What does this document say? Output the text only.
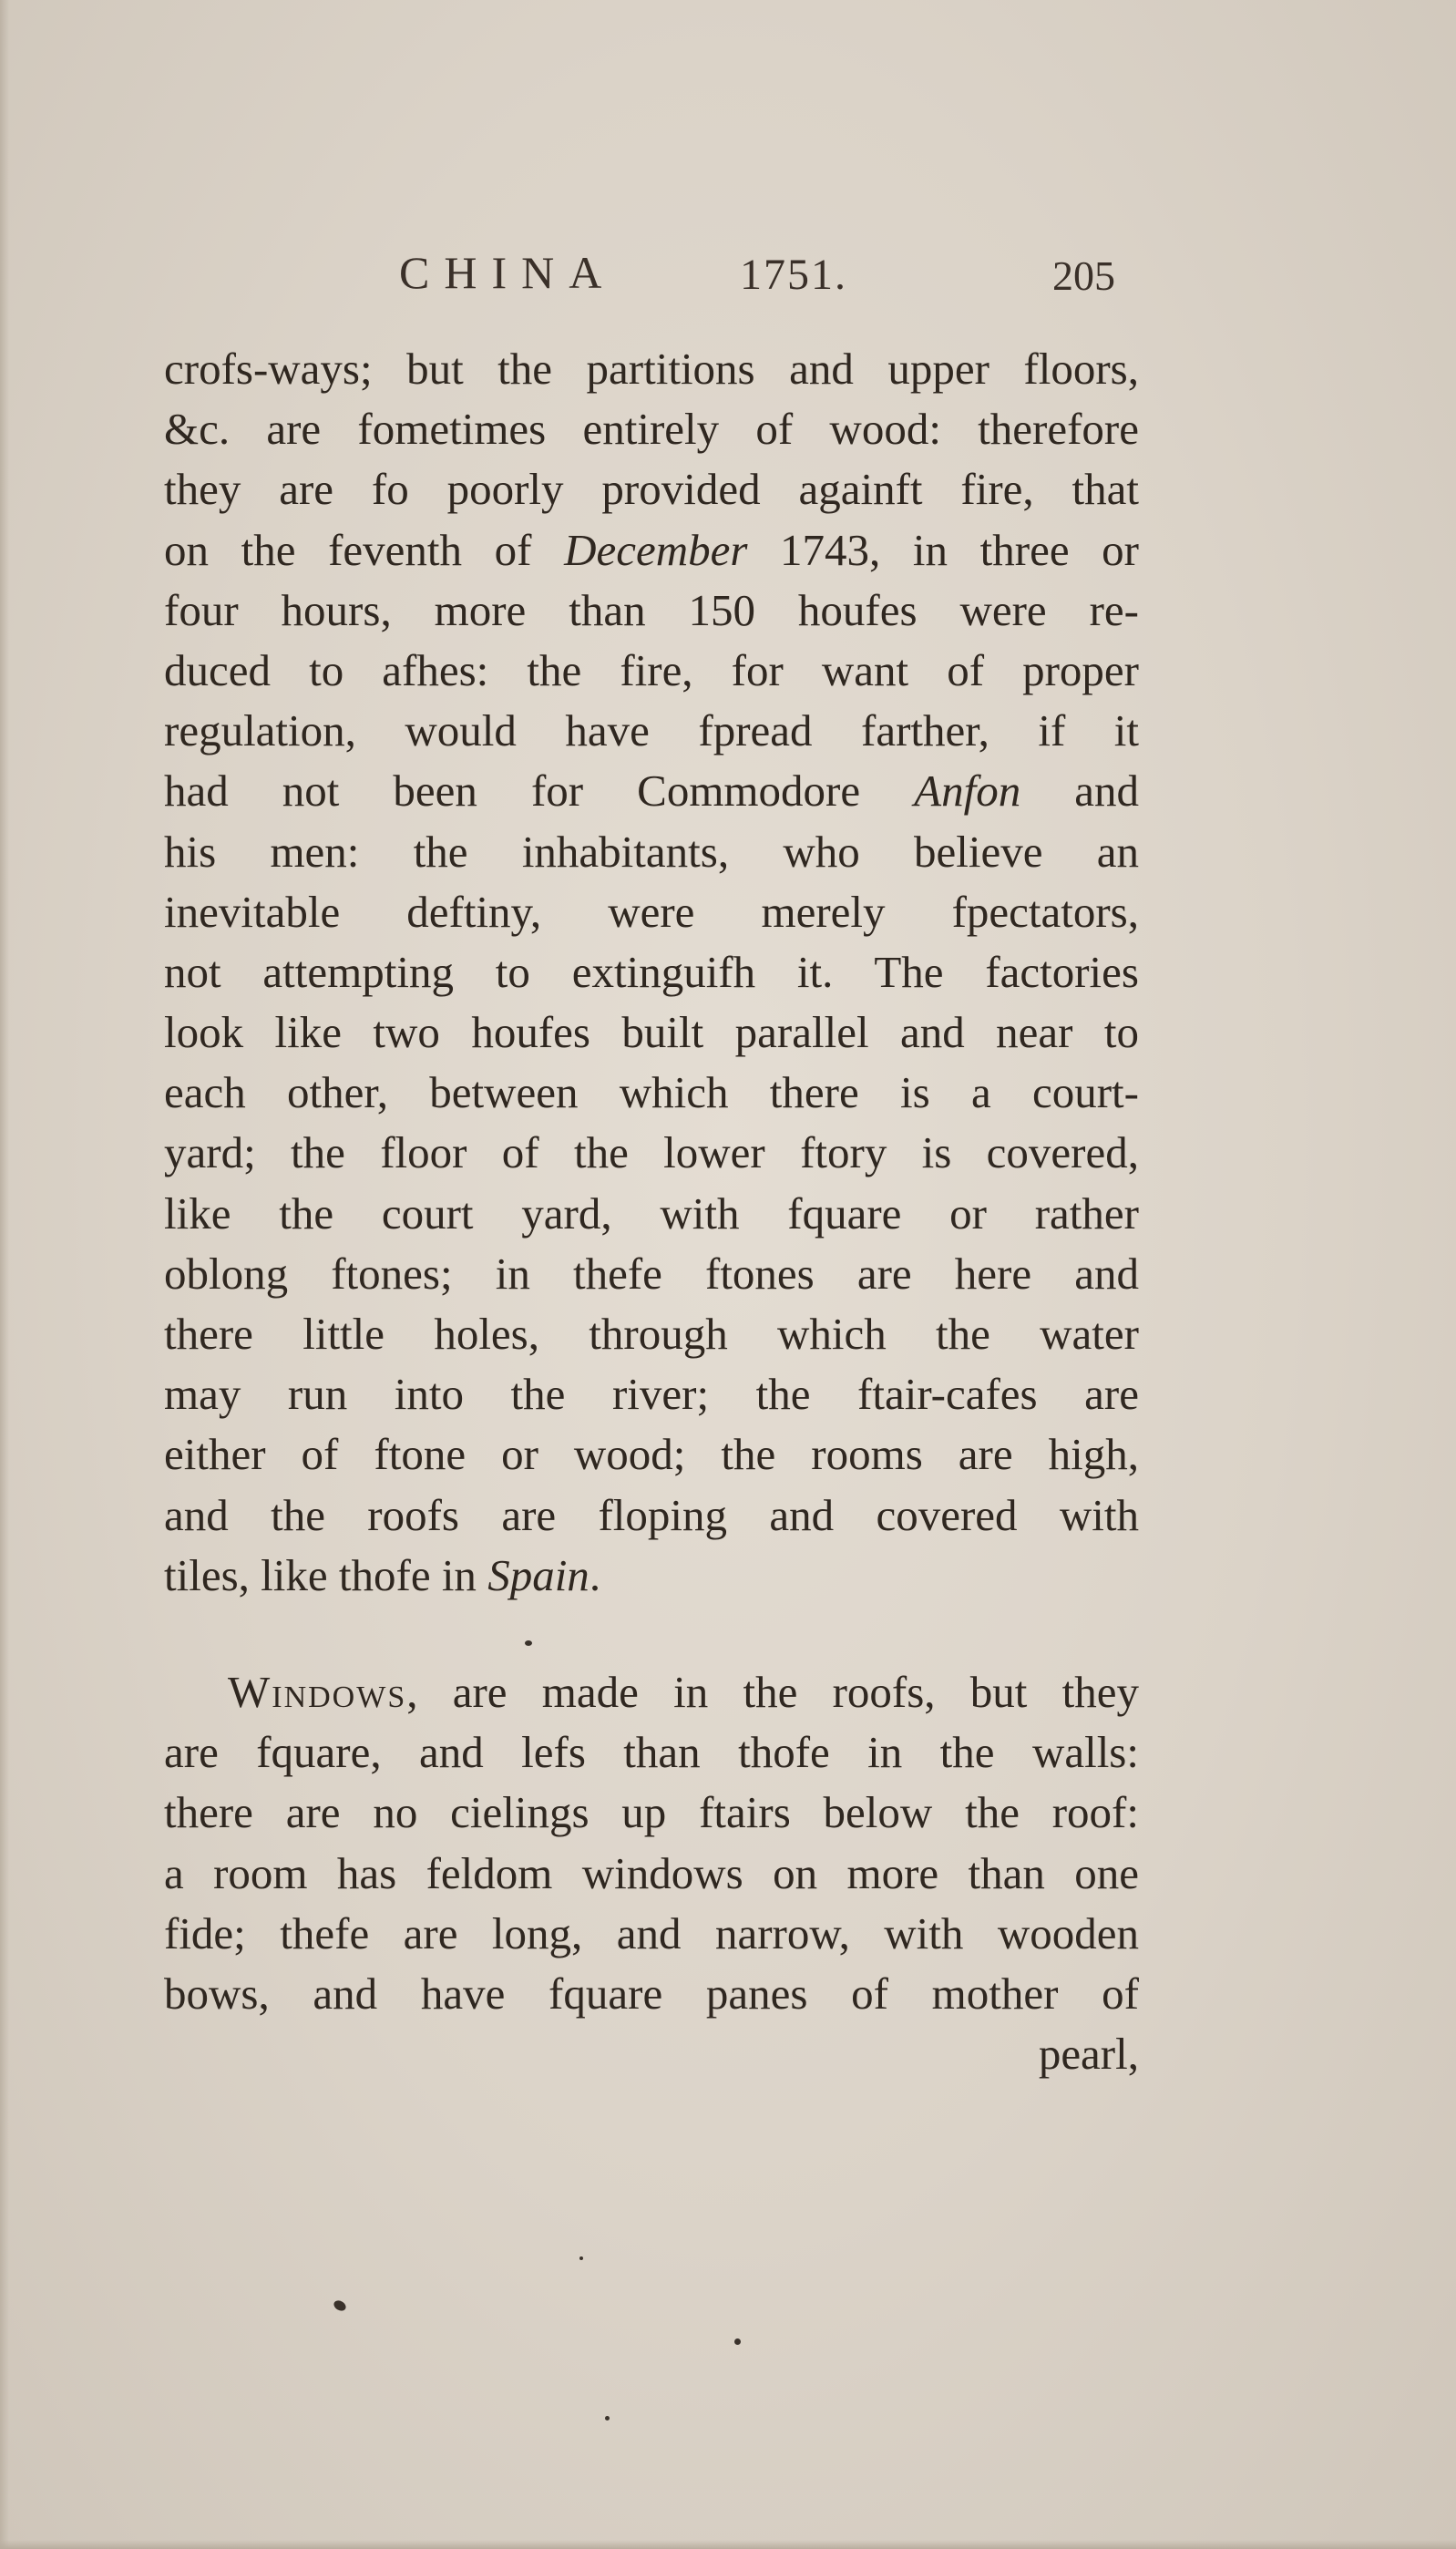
CHINA	1751.	205
crofs-ways; but the partitions and upper floors,
&c. are fometimes entirely of wood: therefore
they are fo poorly provided againft fire, that
on the feventh of December 1743, in three or
four hours, more than 150 houfes were re-
duced to afhes: the fire, for want of proper
regulation, would have fpread farther, if it
had not been for Commodore Anfon and
his men: the inhabitants, who believe an
inevitable deftiny, were merely fpectators,
not attempting to extinguifh it. The factories
look like two houfes built parallel and near to
each other, between which there is a court-
yard; the floor of the lower ftory is covered,
like the court yard, with fquare or rather
oblong ftones; in thefe ftones are here and
there little holes, through which the water
may run into the river; the ftair-cafes are
either of ftone or wood; the rooms are high,
and the roofs are floping and covered with
tiles, like thofe in Spain.
Windows, are made in the roofs, but they
are fquare, and lefs than thofe in the walls:
there are no cielings up ftairs below the roof:
a room has feldom windows on more than one
fide; thefe are long, and narrow, with wooden
bows, and have fquare panes of mother of
pearl,
